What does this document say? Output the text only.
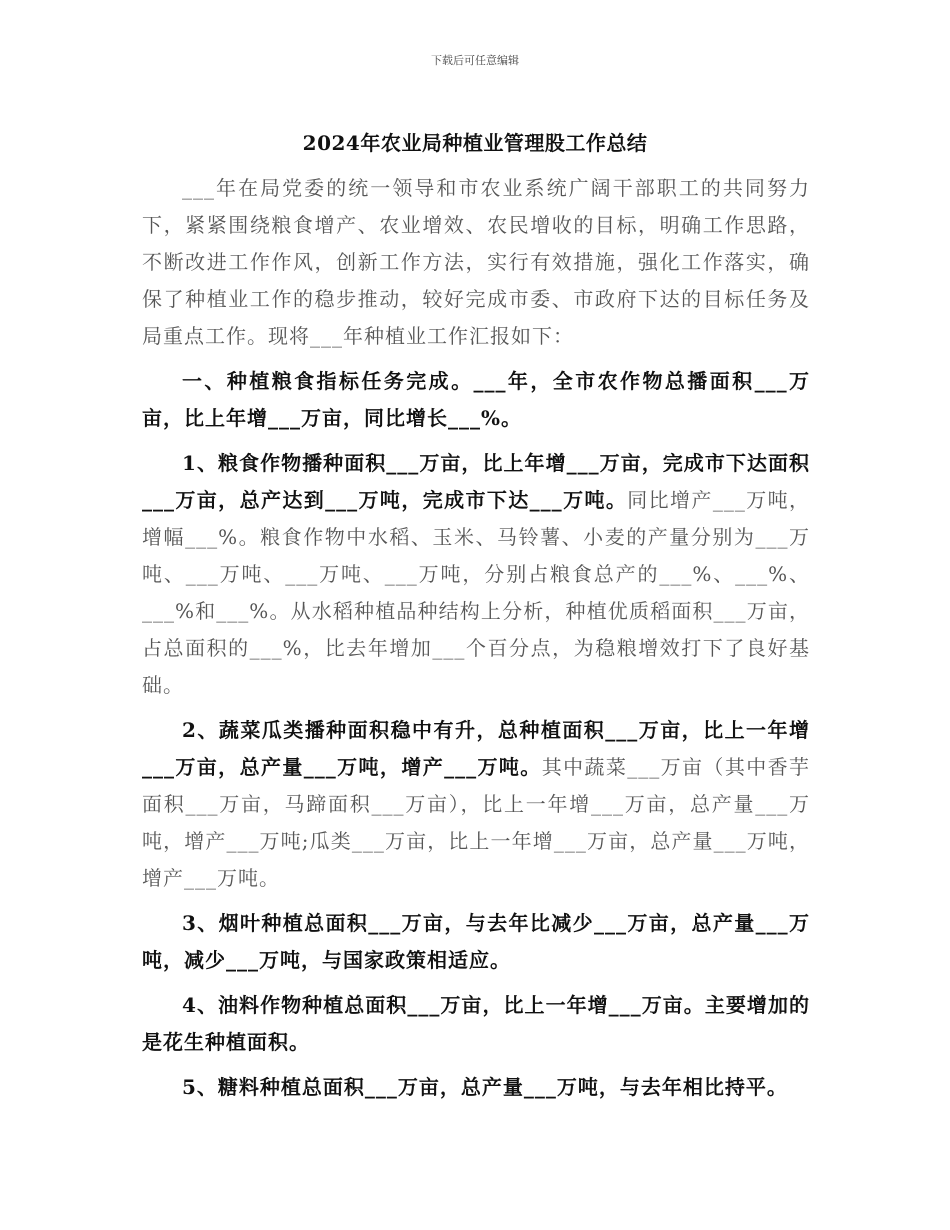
下载后可任意编辑
2024年农业局种植业管理股工作总结

___年在局党委的统一领导和市农业系统广阔干部职工的共同努力下，紧紧围绕粮食增产、农业增效、农民增收的目标，明确工作思路，不断改进工作作风，创新工作方法，实行有效措施，强化工作落实，确保了种植业工作的稳步推动，较好完成市委、市政府下达的目标任务及局重点工作。现将___年种植业工作汇报如下：

一、种植粮食指标任务完成。___年，全市农作物总播面积___万亩，比上年增___万亩，同比增长___%。

1、粮食作物播种面积___万亩，比上年增___万亩，完成市下达面积___万亩，总产达到___万吨，完成市下达___万吨。同比增产___万吨，增幅___%。粮食作物中水稻、玉米、马铃薯、小麦的产量分别为___万吨、___万吨、___万吨、___万吨，分别占粮食总产的___%、___%、___%和___%。从水稻种植品种结构上分析，种植优质稻面积___万亩，占总面积的___%，比去年增加___个百分点，为稳粮增效打下了良好基础。

2、蔬菜瓜类播种面积稳中有升，总种植面积___万亩，比上一年增___万亩，总产量___万吨，增产___万吨。其中蔬菜___万亩（其中香芋面积___万亩，马蹄面积___万亩），比上一年增___万亩，总产量___万吨，增产___万吨;瓜类___万亩，比上一年增___万亩，总产量___万吨，增产___万吨。

3、烟叶种植总面积___万亩，与去年比减少___万亩，总产量___万吨，减少___万吨，与国家政策相适应。

4、油料作物种植总面积___万亩，比上一年增___万亩。主要增加的是花生种植面积。

5、糖料种植总面积___万亩，总产量___万吨，与去年相比持平。
